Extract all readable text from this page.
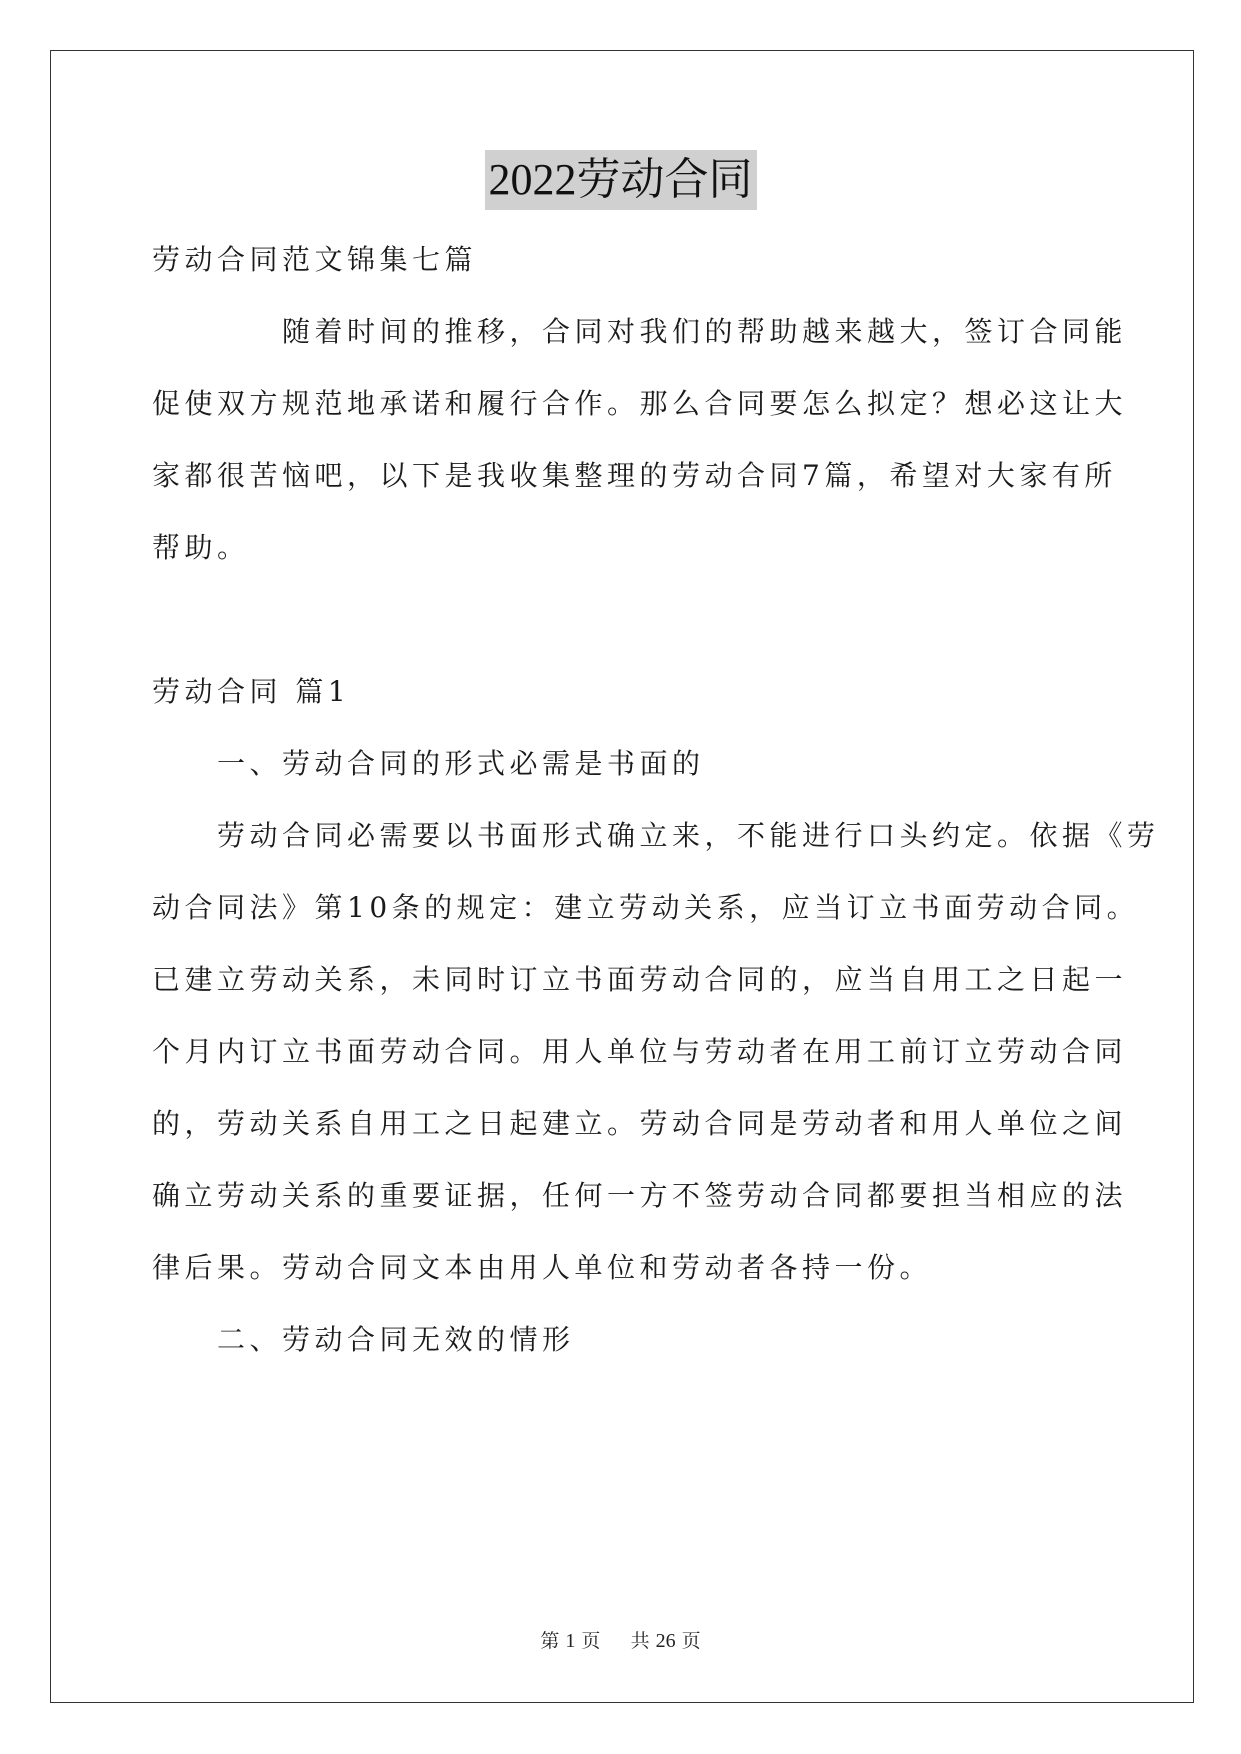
2022劳动合同
劳动合同范文锦集七篇
　　　　随着时间的推移，合同对我们的帮助越来越大，签订合同能
促使双方规范地承诺和履行合作。那么合同要怎么拟定？想必这让大
家都很苦恼吧，以下是我收集整理的劳动合同7篇，希望对大家有所
帮助。
劳动合同 篇1
　　一、劳动合同的形式必需是书面的
　　劳动合同必需要以书面形式确立来，不能进行口头约定。依据《劳
动合同法》第10条的规定：建立劳动关系，应当订立书面劳动合同。
已建立劳动关系，未同时订立书面劳动合同的，应当自用工之日起一
个月内订立书面劳动合同。用人单位与劳动者在用工前订立劳动合同
的，劳动关系自用工之日起建立。劳动合同是劳动者和用人单位之间
确立劳动关系的重要证据，任何一方不签劳动合同都要担当相应的法
律后果。劳动合同文本由用人单位和劳动者各持一份。
　　二、劳动合同无效的情形
第 1 页 共 26 页
